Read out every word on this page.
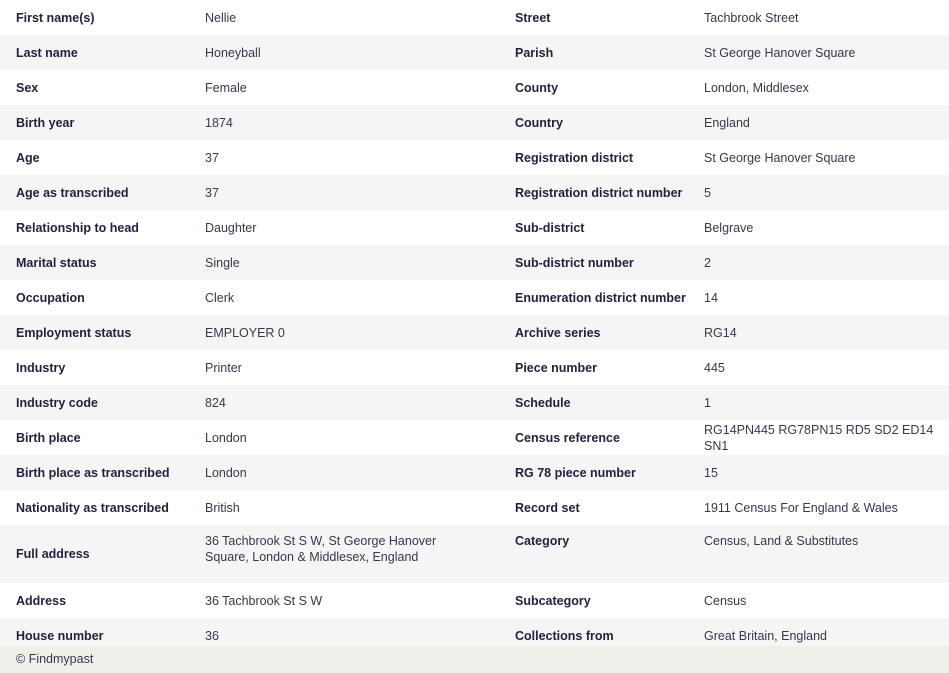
First name(s)	Nellie	Street	Tachbrook Street
Last name	Honeyball	Parish	St George Hanover Square
Sex	Female	County	London, Middlesex
Birth year	1874	Country	England
Age	37	Registration district	St George Hanover Square
Age as transcribed	37	Registration district number	5
Relationship to head	Daughter	Sub-district	Belgrave
Marital status	Single	Sub-district number	2
Occupation	Clerk	Enumeration district number	14
Employment status	EMPLOYER 0	Archive series	RG14
Industry	Printer	Piece number	445
Industry code	824	Schedule	1
Birth place	London	Census reference	RG14PN445 RG78PN15 RD5 SD2 ED14 SN1
Birth place as transcribed	London	RG 78 piece number	15
Nationality as transcribed	British	Record set	1911 Census For England & Wales
Full address	36 Tachbrook St S W, St George Hanover Square, London & Middlesex, England	Category	Census, Land & Substitutes
Address	36 Tachbrook St S W	Subcategory	Census
House number	36	Collections from	Great Britain, England
© Findmypast
